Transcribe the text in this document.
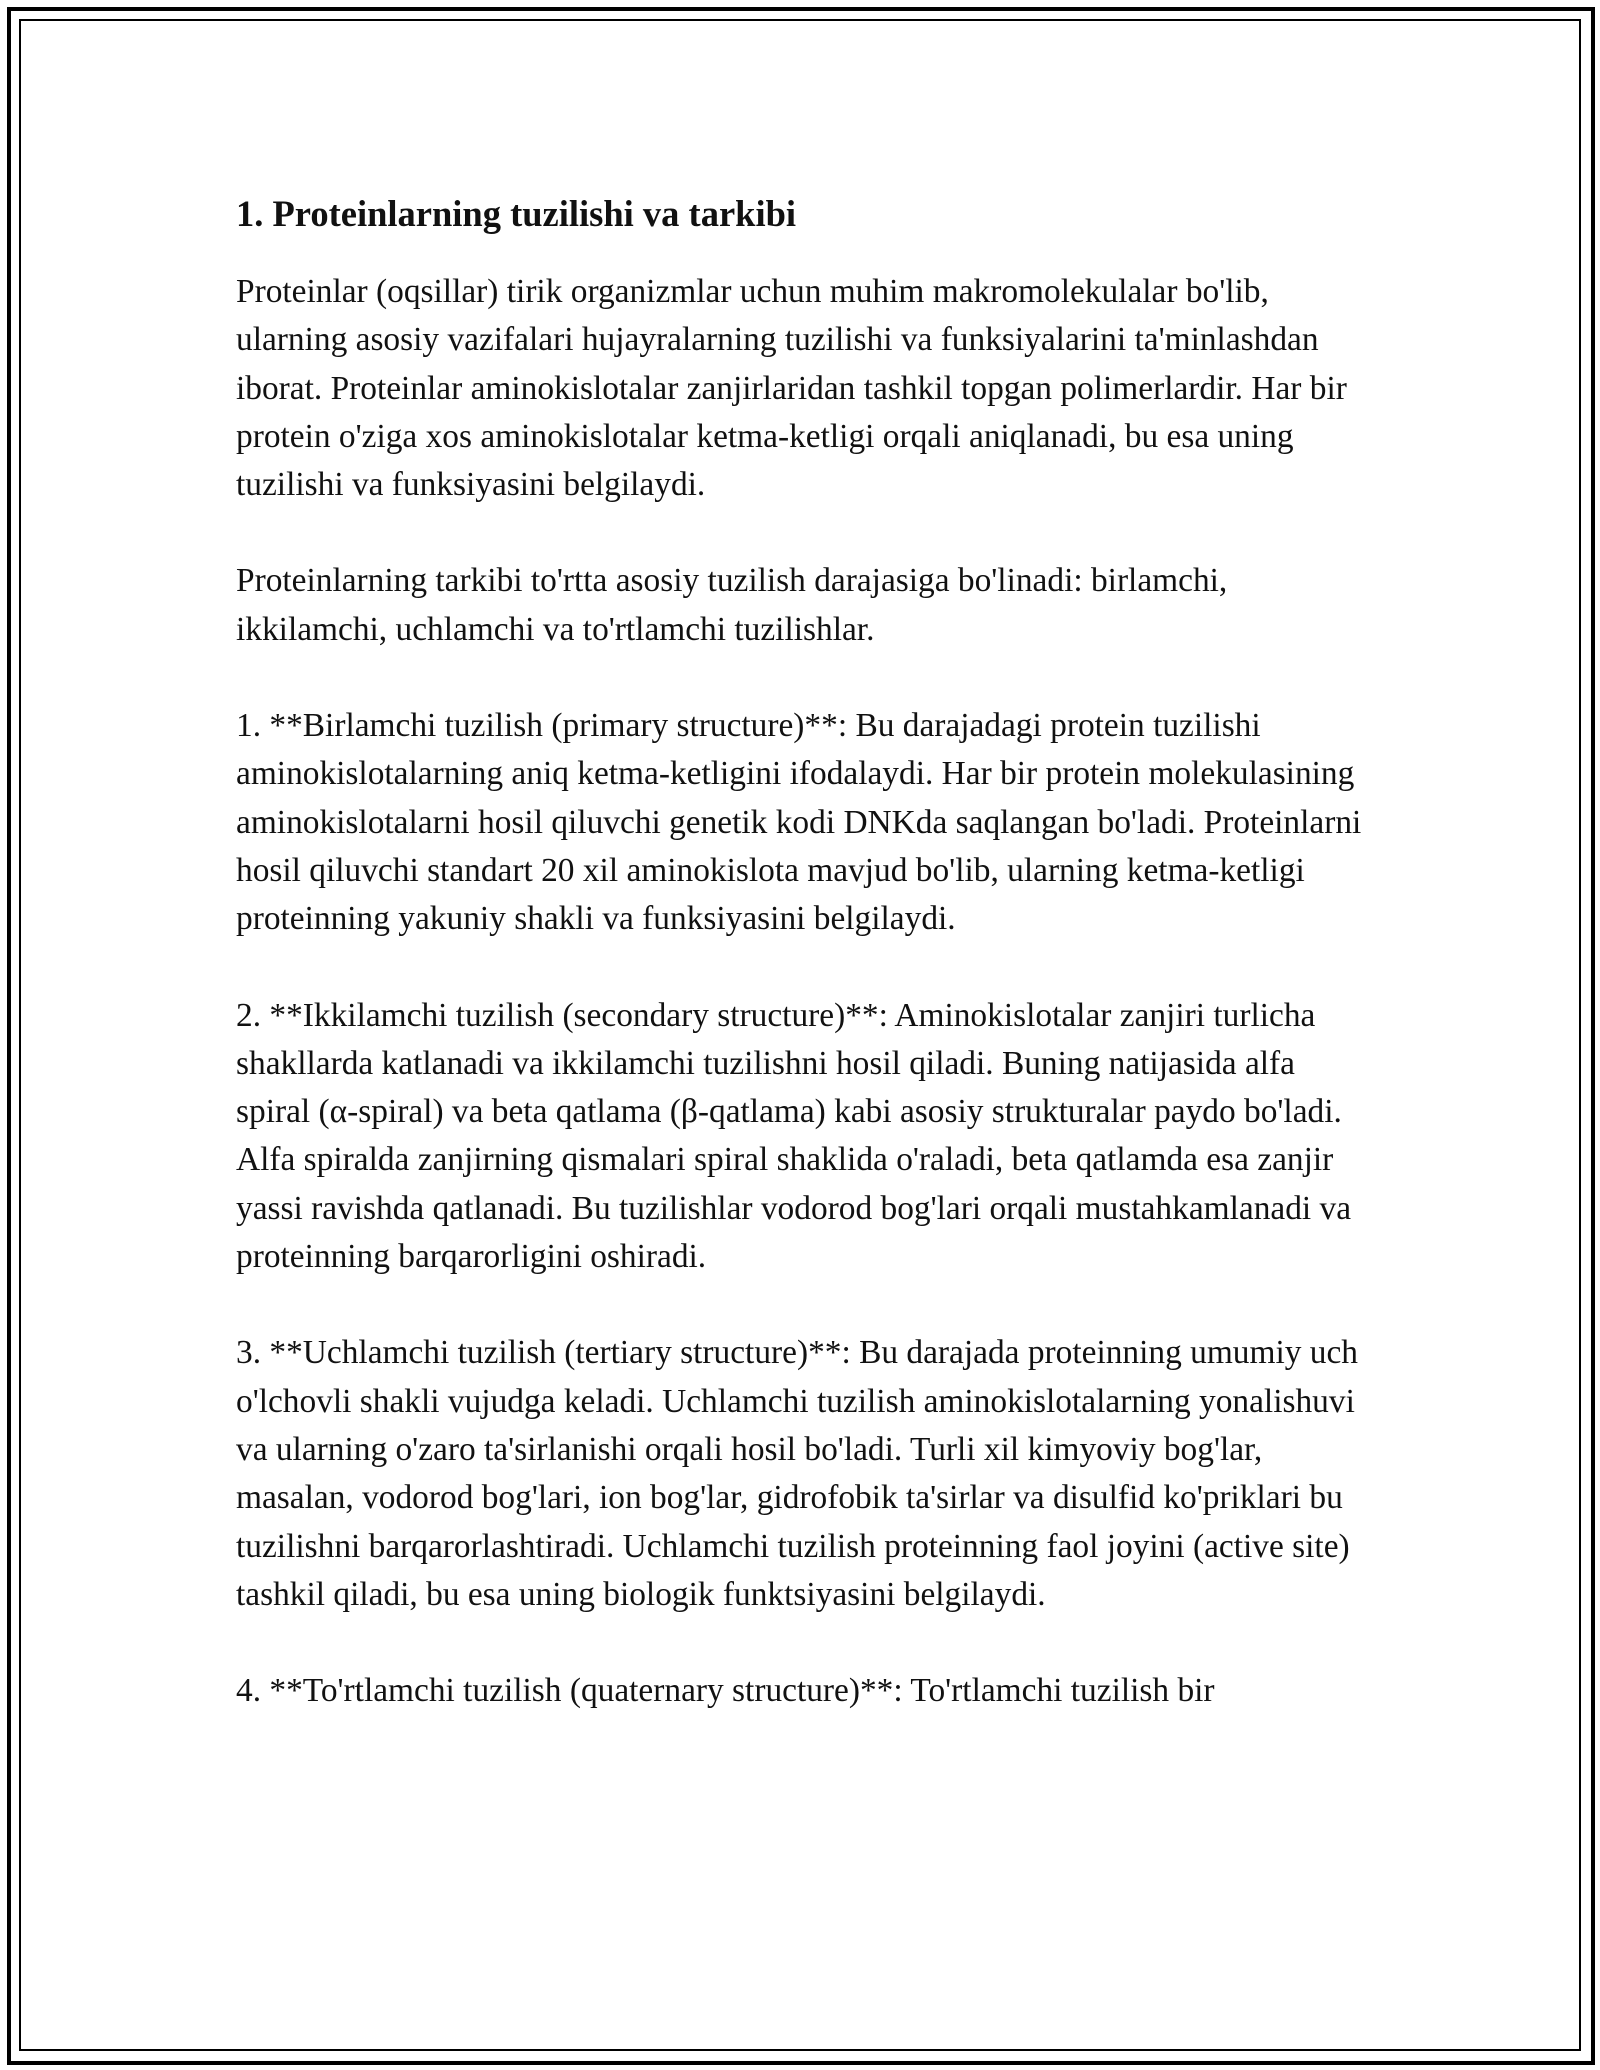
1. Proteinlarning tuzilishi va tarkibi

Proteinlar (oqsillar) tirik organizmlar uchun muhim makromolekulalar bo'lib, ularning asosiy vazifalari hujayralarning tuzilishi va funksiyalarini ta'minlashdan iborat. Proteinlar aminokislotalar zanjirlaridan tashkil topgan polimerlardir. Har bir protein o'ziga xos aminokislotalar ketma-ketligi orqali aniqlanadi, bu esa uning tuzilishi va funksiyasini belgilaydi.

Proteinlarning tarkibi to'rtta asosiy tuzilish darajasiga bo'linadi: birlamchi, ikkilamchi, uchlamchi va to'rtlamchi tuzilishlar.

1. **Birlamchi tuzilish (primary structure)**: Bu darajadagi protein tuzilishi aminokislotalarning aniq ketma-ketligini ifodalaydi. Har bir protein molekulasining aminokislotalarni hosil qiluvchi genetik kodi DNKda saqlangan bo'ladi. Proteinlarni hosil qiluvchi standart 20 xil aminokislota mavjud bo'lib, ularning ketma-ketligi proteinning yakuniy shakli va funksiyasini belgilaydi.

2. **Ikkilamchi tuzilish (secondary structure)**: Aminokislotalar zanjiri turlicha shakllarda katlanadi va ikkilamchi tuzilishni hosil qiladi. Buning natijasida alfa spiral (α-spiral) va beta qatlama (β-qatlama) kabi asosiy strukturalar paydo bo'ladi. Alfa spiralda zanjirning qismalari spiral shaklida o'raladi, beta qatlamda esa zanjir yassi ravishda qatlanadi. Bu tuzilishlar vodorod bog'lari orqali mustahkamlanadi va proteinning barqarorligini oshiradi.

3. **Uchlamchi tuzilish (tertiary structure)**: Bu darajada proteinning umumiy uch o'lchovli shakli vujudga keladi. Uchlamchi tuzilish aminokislotalarning yonalishuvi va ularning o'zaro ta'sirlanishi orqali hosil bo'ladi. Turli xil kimyoviy bog'lar, masalan, vodorod bog'lari, ion bog'lar, gidrofobik ta'sirlar va disulfid ko'priklari bu tuzilishni barqarorlashtiradi. Uchlamchi tuzilish proteinning faol joyini (active site) tashkil qiladi, bu esa uning biologik funktsiyasini belgilaydi.

4. **To'rtlamchi tuzilish (quaternary structure)**: To'rtlamchi tuzilish bir
